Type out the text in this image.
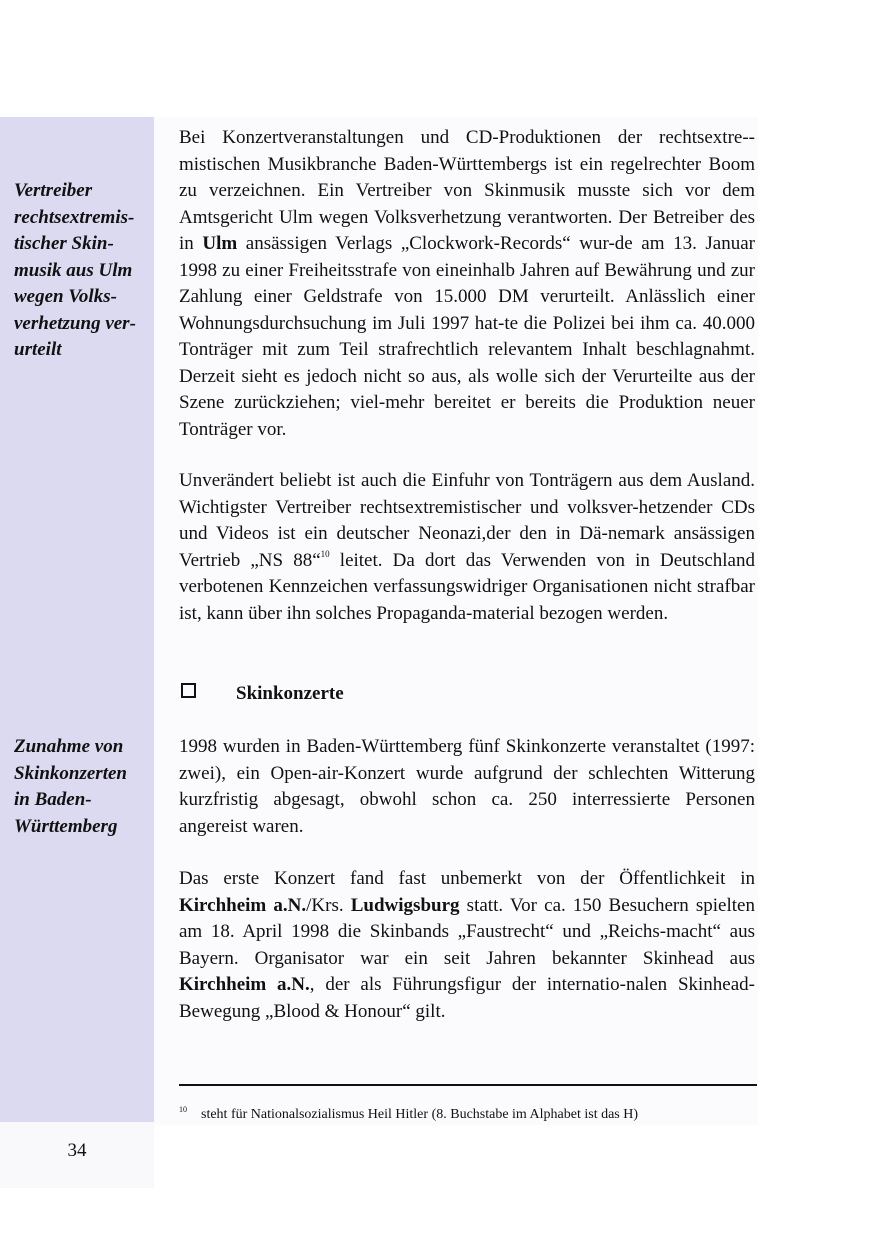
Vertreiber
rechtsextremis-
tischer Skin-
musik aus Ulm
wegen Volks-
verhetzung ver-
urteilt
Zunahme von
Skinkonzerten
in Baden-
Württemberg
Bei Konzertveranstaltungen und CD-Produktionen der rechtsextre-mistischen Musikbranche Baden-Württembergs ist ein regelrechter Boom zu verzeichnen. Ein Vertreiber von Skinmusik musste sich vor dem Amtsgericht Ulm wegen Volksverhetzung verantworten. Der Betreiber des in Ulm ansässigen Verlags „Clockwork-Records“ wur-de am 13. Januar 1998 zu einer Freiheitsstrafe von eineinhalb Jahren auf Bewährung und zur Zahlung einer Geldstrafe von 15.000 DM verurteilt. Anlässlich einer Wohnungsdurchsuchung im Juli 1997 hat-te die Polizei bei ihm ca. 40.000 Tonträger mit zum Teil strafrechtlich relevantem Inhalt beschlagnahmt. Derzeit sieht es jedoch nicht so aus, als wolle sich der Verurteilte aus der Szene zurückziehen; viel-mehr bereitet er bereits die Produktion neuer Tonträger vor.
Unverändert beliebt ist auch die Einfuhr von Tonträgern aus dem Ausland. Wichtigster Vertreiber rechtsextremistischer und volksver-hetzender CDs und Videos ist ein deutscher Neonazi,der den in Dä-nemark ansässigen Vertrieb „NS 88“$^{10}$ leitet. Da dort das Verwenden von in Deutschland verbotenen Kennzeichen verfassungswidriger Organisationen nicht strafbar ist, kann über ihn solches Propaganda-material bezogen werden.
Skinkonzerte
1998 wurden in Baden-Württemberg fünf Skinkonzerte veranstaltet (1997: zwei), ein Open-air-Konzert wurde aufgrund der schlechten Witterung kurzfristig abgesagt, obwohl schon ca. 250 interressierte Personen angereist waren.
Das erste Konzert fand fast unbemerkt von der Öffentlichkeit in Kirchheim a.N./Krs. Ludwigsburg statt. Vor ca. 150 Besuchern spielten am 18. April 1998 die Skinbands „Faustrecht“ und „Reichs-macht“ aus Bayern. Organisator war ein seit Jahren bekannter Skinhead aus Kirchheim a.N., der als Führungsfigur der internatio-nalen Skinhead-Bewegung „Blood & Honour“ gilt.
$^{10}$ steht für Nationalsozialismus Heil Hitler (8. Buchstabe im Alphabet ist das H)
34
